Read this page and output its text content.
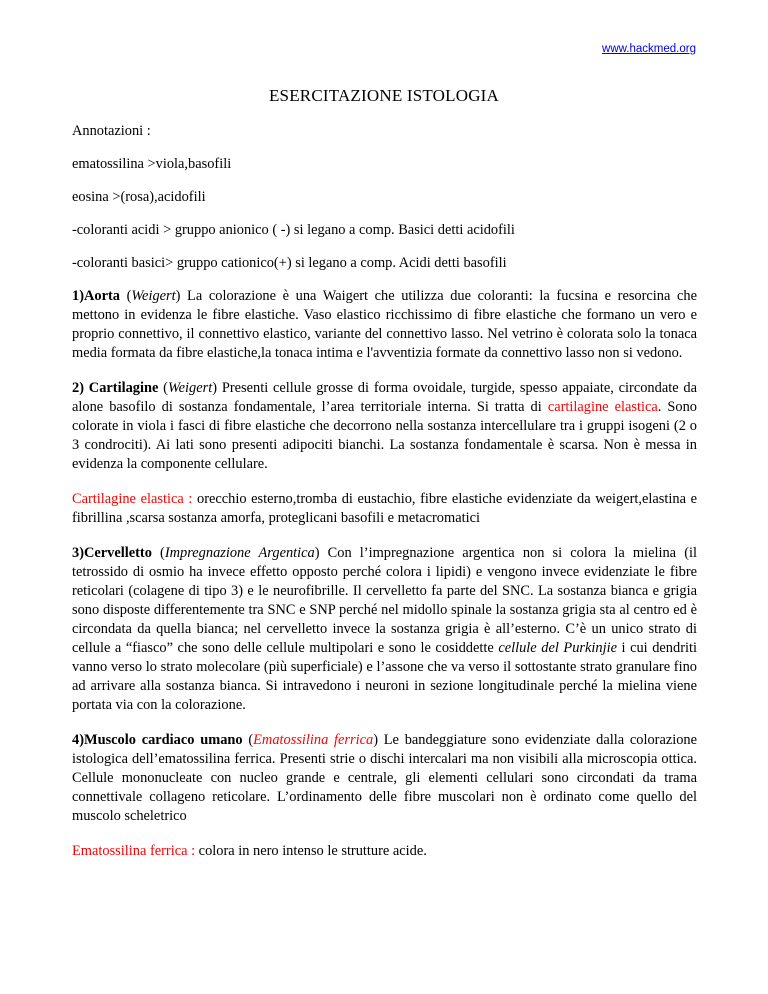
www.hackmed.org
ESERCITAZIONE ISTOLOGIA

Annotazioni :

ematossilina >viola,basofili

eosina >(rosa),acidofili

-coloranti acidi > gruppo anionico ( -) si legano a comp. Basici detti acidofili

-coloranti basici> gruppo cationico(+) si legano a comp. Acidi detti basofili

1)Aorta (Weigert) La colorazione è una Waigert che utilizza due coloranti: la fucsina e resorcina che mettono in evidenza le fibre elastiche. Vaso elastico ricchissimo di fibre elastiche che formano un vero e proprio connettivo, il connettivo elastico, variante del connettivo lasso. Nel vetrino è colorata solo la tonaca media formata da fibre elastiche,la tonaca intima e l'avventizia formate da connettivo lasso non si vedono.

2) Cartilagine (Weigert) Presenti cellule grosse di forma ovoidale, turgide, spesso appaiate, circondate da alone basofilo di sostanza fondamentale, l’area territoriale interna. Si tratta di cartilagine elastica. Sono colorate in viola i fasci di fibre elastiche che decorrono nella sostanza intercellulare tra i gruppi isogeni (2 o 3 condrociti). Ai lati sono presenti adipociti bianchi. La sostanza fondamentale è scarsa. Non è messa in evidenza la componente cellulare.

Cartilagine elastica : orecchio esterno,tromba di eustachio, fibre elastiche evidenziate da weigert,elastina e fibrillina ,scarsa sostanza amorfa, proteglicani basofili e metacromatici

3)Cervelletto (Impregnazione Argentica) Con l’impregnazione argentica non si colora la mielina (il tetrossido di osmio ha invece effetto opposto perché colora i lipidi) e vengono invece evidenziate le fibre reticolari (colagene di tipo 3) e le neurofibrille. Il cervelletto fa parte del SNC. La sostanza bianca e grigia sono disposte differentemente tra SNC e SNP perché nel midollo spinale la sostanza grigia sta al centro ed è circondata da quella bianca; nel cervelletto invece la sostanza grigia è all’esterno. C’è un unico strato di cellule a “fiasco” che sono delle cellule multipolari e sono le cosiddette cellule del Purkinjie i cui dendriti vanno verso lo strato molecolare (più superficiale) e l’assone che va verso il sottostante strato granulare fino ad arrivare alla sostanza bianca. Si intravedono i neuroni in sezione longitudinale perché la mielina viene portata via con la colorazione.

4)Muscolo cardiaco umano (Ematossilina ferrica) Le bandeggiature sono evidenziate dalla colorazione istologica dell’ematossilina ferrica. Presenti strie o dischi intercalari ma non visibili alla microscopia ottica. Cellule mononucleate con nucleo grande e centrale, gli elementi cellulari sono circondati da trama connettivale collageno reticolare. L’ordinamento delle fibre muscolari non è ordinato come quello del muscolo scheletrico

Ematossilina ferrica : colora in nero intenso le strutture acide.
